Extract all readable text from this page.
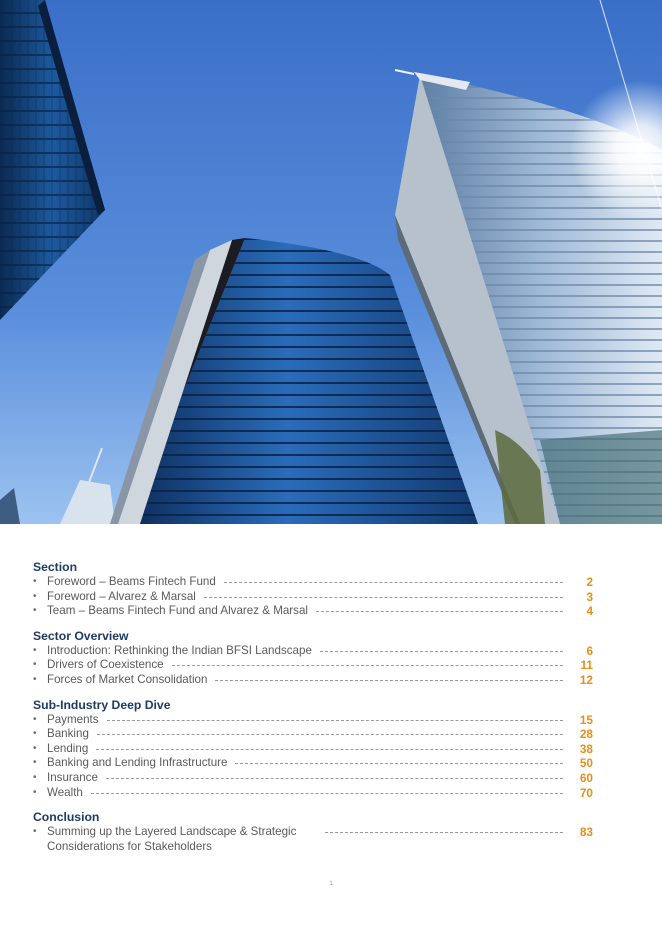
Section
• Foreword – Beams Fintech Fund	2
• Foreword – Alvarez & Marsal	3
• Team – Beams Fintech Fund and Alvarez & Marsal	4
Sector Overview
• Introduction: Rethinking the Indian BFSI Landscape	6
• Drivers of Coexistence	11
• Forces of Market Consolidation	12
Sub-Industry Deep Dive
• Payments	15
• Banking	28
• Lending	38
• Banking and Lending Infrastructure	50
• Insurance	60
• Wealth	70
Conclusion
• Summing up the Layered Landscape & Strategic Considerations for Stakeholders
83
1
